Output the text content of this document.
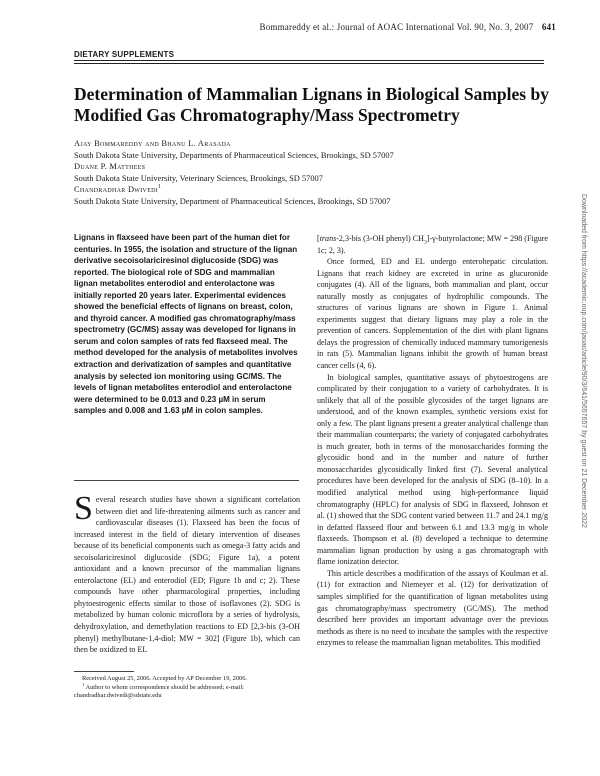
Bommareddy et al.: Journal of AOAC International Vol. 90, No. 3, 2007 641
DIETARY SUPPLEMENTS
Determination of Mammalian Lignans in Biological Samples by Modified Gas Chromatography/Mass Spectrometry
Ajay Bommareddy and Bhanu L. Arasada
South Dakota State University, Departments of Pharmaceutical Sciences, Brookings, SD 57007
Duane P. Matthees
South Dakota State University, Veterinary Sciences, Brookings, SD 57007
Chandradhar Dwivedi$^1$
South Dakota State University, Department of Pharmaceutical Sciences, Brookings, SD 57007
Lignans in flaxseed have been part of the human diet for centuries. In 1955, the isolation and structure of the lignan derivative secoisolariciresinol diglucoside (SDG) was reported. The biological role of SDG and mammalian lignan metabolites enterodiol and enterolactone was initially reported 20 years later. Experimental evidences showed the beneficial effects of lignans on breast, colon, and thyroid cancer. A modified gas chromatography/mass spectrometry (GC/MS) assay was developed for lignans in serum and colon samples of rats fed flaxseed meal. The method developed for the analysis of metabolites involves extraction and derivatization of samples and quantitative analysis by selected ion monitoring using GC/MS. The levels of lignan metabolites enterodiol and enterolactone were determined to be 0.013 and 0.23 µM in serum samples and 0.008 and 1.63 µM in colon samples.

Several research studies have shown a significant correlation between diet and life-threatening ailments such as cancer and cardiovascular diseases (1). Flaxseed has been the focus of increased interest in the field of dietary intervention of diseases because of its beneficial components such as omega-3 fatty acids and secoisolariciresinol diglucoside (SDG; Figure 1a), a potent antioxidant and a known precursor of the mammalian lignans enterolactone (EL) and enterodiol (ED; Figure 1b and c; 2). These compounds have other pharmacological properties, including phytoestrogenic effects similar to those of isoflavones (2). SDG is metabolized by human colonic microflora by a series of hydrolysis, dehydroxylation, and demethylation reactions to ED [2,3-bis (3-OH phenyl) methylbutane-1,4-diol; MW = 302] (Figure 1b), which can then be oxidized to EL

Received August 25, 2006. Accepted by AP December 19, 2006.

$^1$ Author to whom correspondence should be addressed; e-mail: chandradhar.dwivedi@sdstate.edu

[trans-2,3-bis (3-OH phenyl) $CH_3]-\gamma$-butyrolactone; MW = 298 (Figure 1c; 2, 3).

Once formed, ED and EL undergo enterohepatic circulation. Lignans that reach kidney are excreted in urine as glucuronide conjugates (4). All of the lignans, both mammalian and plant, occur naturally mostly as conjugates of hydrophilic compounds. The structures of various lignans are shown in Figure 1. Animal experiments suggest that dietary lignans may play a role in the prevention of cancers. Supplementation of the diet with plant lignans delays the progression of chemically induced mammary tumorigenesis in rats (5). Mammalian lignans inhibit the growth of human breast cancer cells (4, 6).

In biological samples, quantitative assays of phytoestrogens are complicated by their conjugation to a variety of carbohydrates. It is unlikely that all of the possible glycosides of the target lignans are understood, and of the known examples, synthetic versions exist for only a few. The plant lignans present a greater analytical challenge than their mammalian counterparts; the variety of conjugated carbohydrates is much greater, both in terms of the monosaccharides forming the glycosidic bond and in the number and nature of further monosaccharides glycosidically linked first (7). Several analytical procedures have been developed for the analysis of SDG (8–10). In a modified analytical method using high-performance liquid chromatography (HPLC) for analysis of SDG in flaxseed, Johnson et al. (1) showed that the SDG content varied between 11.7 and 24.1 mg/g in defatted flaxseed flour and between 6.1 and 13.3 mg/g in whole flaxseeds. Thompson et al. (8) developed a technique to determine mammalian lignan production by using a gas chromatograph with flame ionization detector.

This article describes a modification of the assays of Koulman et al. (11) for extraction and Niemeyer et al. (12) for derivatization of samples simplified for the quantification of lignan metabolites using gas chromatography/mass spectrometry (GC/MS). The method described here provides an important advantage over the previous methods as there is no need to incubate the samples with the respective enzymes to release the mammalian lignan metabolites. This modified

Downloaded from https://academic.oup.com/jaoac/article/90/3/641/5657657 by guest on 21 December 2022
